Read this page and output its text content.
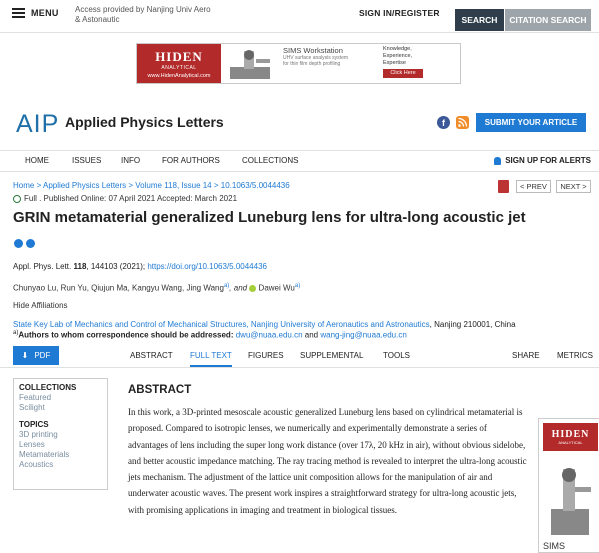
MENU Access provided by Nanjing Univ Aero
& Astonautic
SIGN IN/REGISTER
SEARCH	CITATION SEARCH
HIDEN
ANALYTICAL
www.HidenAnalytical.com
SIMS Workstation
UHV surface analysis system
for thin film depth profiling
Knowledge,
Experience,
Expertise
Click Here
AIP Applied Physics Letters	f	SUBMIT YOUR ARTICLE
HOME	ISSUES INFO	FOR AUTHORS	COLLECTIONS	SIGN UP FOR ALERTS
Home > Applied Physics Letters > Volume 118, Issue 14 > 10.1063/5.0044436
Full . Published Online: 07 April 2021 Accepted: March 2021
< PREV	NEXT >
GRIN metamaterial generalized Luneburg lens for ultra-long acoustic jet
Appl. Phys. Lett. 118, 144103 (2021); https://doi.org/10.1063/5.0044436
Chunyao Lu, Run Yu, Qiujun Ma, Kangyu Wang, Jing Wang$^{a)}$, and  Dawei Wu$^{a)}$
Hide Affiliations
State Key Lab of Mechanics and Control of Mechanical Structures, Nanjing University of Aeronautics and Astronautics, Nanjing 210001, China
$^{a)}$Authors to whom correspondence should be addressed: dwu@nuaa.edu.cn and wang-jing@nuaa.edu.cn
⬇ PDF	ABSTRACT FULL TEXT FIGURES SUPPLEMENTAL TOOLS	SHARE METRICS
COLLECTIONS
Featured
Scilight
TOPICS
3D printing
Lenses
Metamaterials
Acoustics
ABSTRACT
In this work, a 3D-printed mesoscale acoustic generalized Luneburg lens based on cylindrical metamaterial is proposed. Compared to isotropic lenses, we numerically and experimentally demonstrate a series of advantages of lens including the super long work distance (over 17λ, 20 kHz in air), without obvious sidelobe, and better acoustic impedance matching. The ray tracing method is revealed to interpret the ultra-long acoustic jets mechanism. The adjustment of the lattice unit composition allows for the manipulation of air and underwater acoustic waves. The present work inspires a straightforward strategy for ultra-long acoustic jets, with promising applications in imaging and treatment in biological tissues.
HIDEN
ANALYTICAL
SIMS
